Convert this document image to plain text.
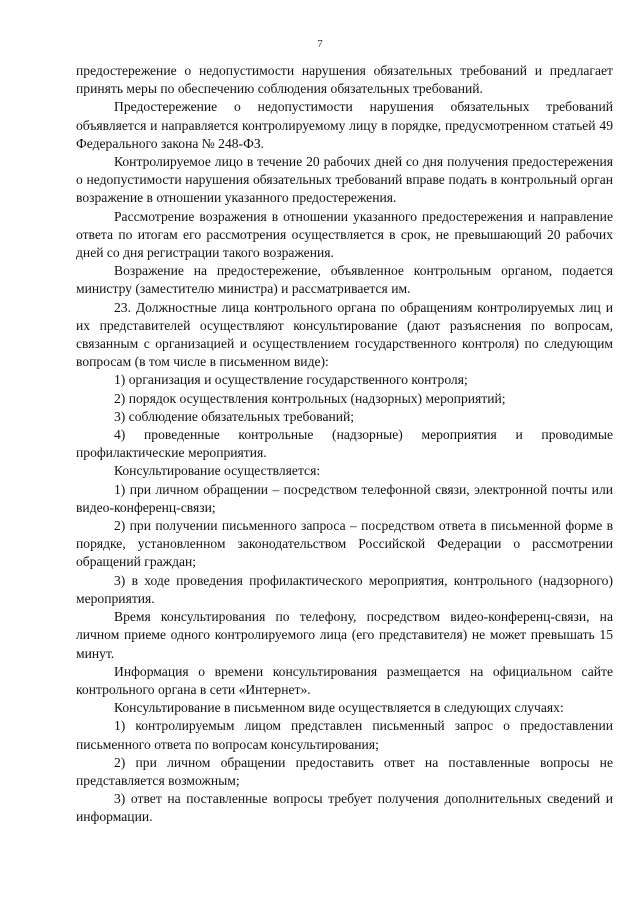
7

предостережение о недопустимости нарушения обязательных требований и предлагает принять меры по обеспечению соблюдения обязательных требований.

Предостережение о недопустимости нарушения обязательных требований объявляется и направляется контролируемому лицу в порядке, предусмотренном статьей 49 Федерального закона № 248-ФЗ.

Контролируемое лицо в течение 20 рабочих дней со дня получения предостережения о недопустимости нарушения обязательных требований вправе подать в контрольный орган возражение в отношении указанного предостережения.

Рассмотрение возражения в отношении указанного предостережения и направление ответа по итогам его рассмотрения осуществляется в срок, не превышающий 20 рабочих дней со дня регистрации такого возражения.

Возражение на предостережение, объявленное контрольным органом, подается министру (заместителю министра) и рассматривается им.

23. Должностные лица контрольного органа по обращениям контролируемых лиц и их представителей осуществляют консультирование (дают разъяснения по вопросам, связанным с организацией и осуществлением государственного контроля) по следующим вопросам (в том числе в письменном виде):

1) организация и осуществление государственного контроля;

2) порядок осуществления контрольных (надзорных) мероприятий;

3) соблюдение обязательных требований;

4) проведенные контрольные (надзорные) мероприятия и проводимые профилактические мероприятия.

Консультирование осуществляется:

1) при личном обращении – посредством телефонной связи, электронной почты или видео-конференц-связи;

2) при получении письменного запроса – посредством ответа в письменной форме в порядке, установленном законодательством Российской Федерации о рассмотрении обращений граждан;

3) в ходе проведения профилактического мероприятия, контрольного (надзорного) мероприятия.

Время консультирования по телефону, посредством видео-конференц-связи, на личном приеме одного контролируемого лица (его представителя) не может превышать 15 минут.

Информация о времени консультирования размещается на официальном сайте контрольного органа в сети «Интернет».

Консультирование в письменном виде осуществляется в следующих случаях:

1) контролируемым лицом представлен письменный запрос о предоставлении письменного ответа по вопросам консультирования;

2) при личном обращении предоставить ответ на поставленные вопросы не представляется возможным;

3) ответ на поставленные вопросы требует получения дополнительных сведений и информации.
